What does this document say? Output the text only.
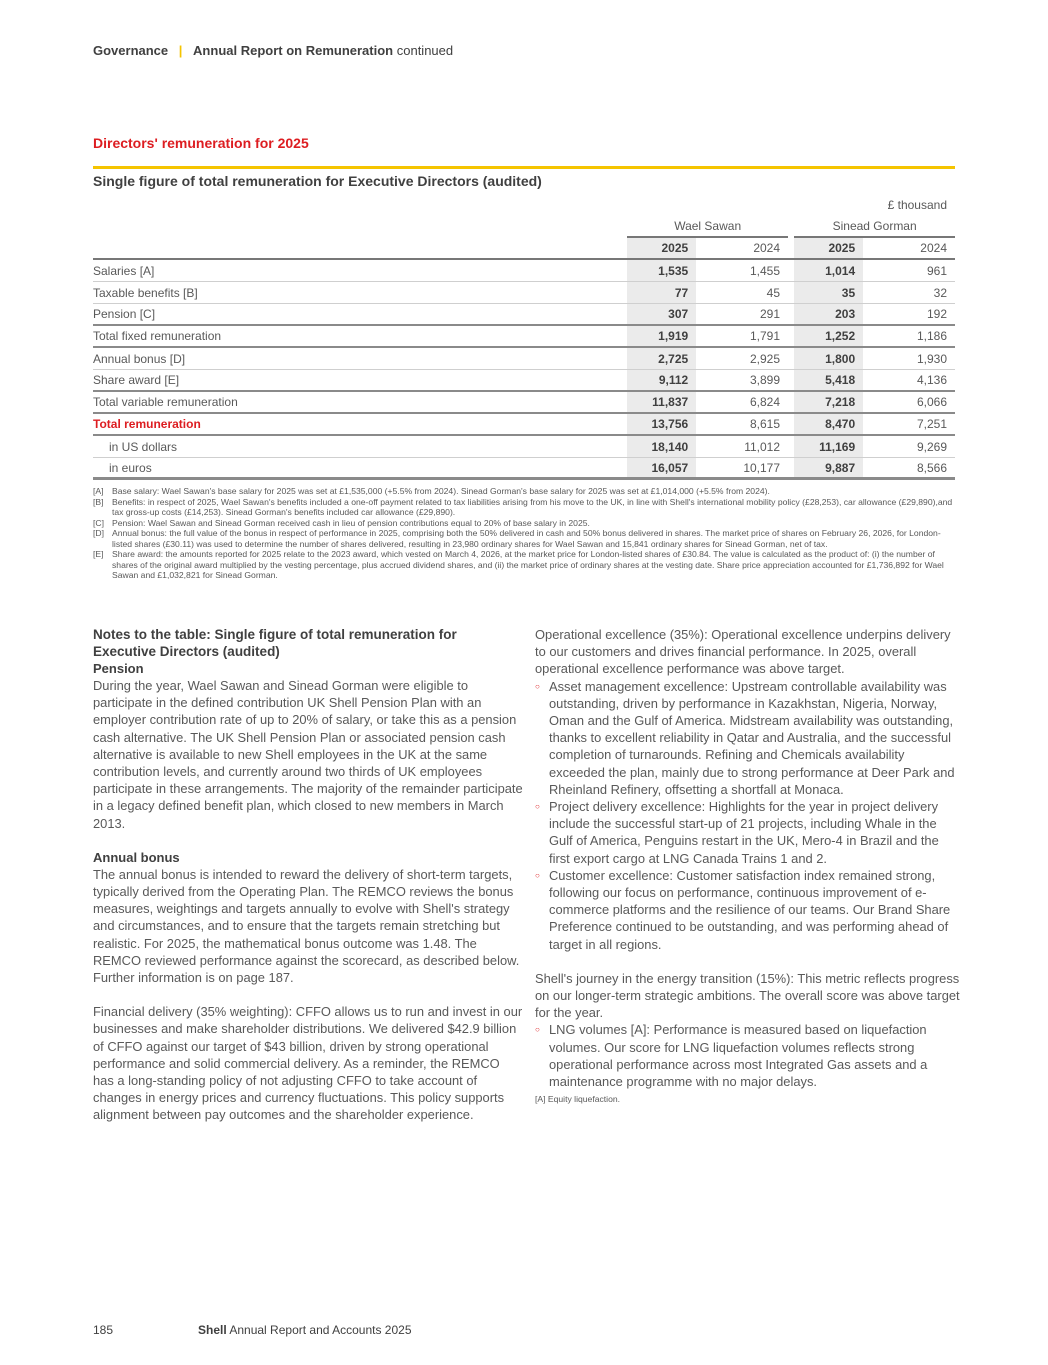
Governance | Annual Report on Remuneration continued
Directors' remuneration for 2025
Single figure of total remuneration for Executive Directors (audited)
£ thousand
	Wael Sawan			Sinead Gorman	
	2025	2024		2025	2024
Salaries [A]	1,535	1,455		1,014	961
Taxable benefits [B]	77	45		35	32
Pension [C]	307	291		203	192
Total fixed remuneration	1,919	1,791		1,252	1,186
Annual bonus [D]	2,725	2,925		1,800	1,930
Share award [E]	9,112	3,899		5,418	4,136
Total variable remuneration	11,837	6,824		7,218	6,066
Total remuneration	13,756	8,615		8,470	7,251
in US dollars	18,140	11,012		11,169	9,269
in euros	16,057	10,177		9,887	8,566
[A] Base salary: Wael Sawan's base salary for 2025 was set at £1,535,000 (+5.5% from 2024). Sinead Gorman's base salary for 2025 was set at £1,014,000 (+5.5% from 2024).
[B] Benefits: in respect of 2025, Wael Sawan's benefits included a one-off payment related to tax liabilities arising from his move to the UK, in line with Shell's international mobility policy (£28,253), car allowance (£29,890),and tax gross-up costs (£14,253). Sinead Gorman's benefits included car allowance (£29,890).
[C] Pension: Wael Sawan and Sinead Gorman received cash in lieu of pension contributions equal to 20% of base salary in 2025.
[D] Annual bonus: the full value of the bonus in respect of performance in 2025, comprising both the 50% delivered in cash and 50% bonus delivered in shares. The market price of shares on February 26, 2026, for London-listed shares (£30.11) was used to determine the number of shares delivered, resulting in 23,980 ordinary shares for Wael Sawan and 15,841 ordinary shares for Sinead Gorman, net of tax.
[E] Share award: the amounts reported for 2025 relate to the 2023 award, which vested on March 4, 2026, at the market price for London-listed shares of £30.84. The value is calculated as the product of: (i) the number of shares of the original award multiplied by the vesting percentage, plus accrued dividend shares, and (ii) the market price of ordinary shares at the vesting date. Share price appreciation accounted for £1,736,892 for Wael Sawan and £1,032,821 for Sinead Gorman.
Notes to the table: Single figure of total remuneration for Executive Directors (audited)
Pension

During the year, Wael Sawan and Sinead Gorman were eligible to participate in the defined contribution UK Shell Pension Plan with an employer contribution rate of up to 20% of salary, or take this as a pension cash alternative. The UK Shell Pension Plan or associated pension cash alternative is available to new Shell employees in the UK at the same contribution levels, and currently around two thirds of UK employees participate in these arrangements. The majority of the remainder participate in a legacy defined benefit plan, which closed to new members in March 2013.

Annual bonus

The annual bonus is intended to reward the delivery of short-term targets, typically derived from the Operating Plan. The REMCO reviews the bonus measures, weightings and targets annually to evolve with Shell's strategy and circumstances, and to ensure that the targets remain stretching but realistic. For 2025, the mathematical bonus outcome was 1.48. The REMCO reviewed performance against the scorecard, as described below. Further information is on page 187.

Financial delivery (35% weighting): CFFO allows us to run and invest in our businesses and make shareholder distributions. We delivered $42.9 billion of CFFO against our target of $43 billion, driven by strong operational performance and solid commercial delivery. As a reminder, the REMCO has a long-standing policy of not adjusting CFFO to take account of changes in energy prices and currency fluctuations. This policy supports alignment between pay outcomes and the shareholder experience.

Operational excellence (35%): Operational excellence underpins delivery to our customers and drives financial performance. In 2025, overall operational excellence performance was above target.

○ Asset management excellence: Upstream controllable availability was outstanding, driven by performance in Kazakhstan, Nigeria, Norway, Oman and the Gulf of America. Midstream availability was outstanding, thanks to excellent reliability in Qatar and Australia, and the successful completion of turnarounds. Refining and Chemicals availability exceeded the plan, mainly due to strong performance at Deer Park and Rheinland Refinery, offsetting a shortfall at Monaca.
○ Project delivery excellence: Highlights for the year in project delivery include the successful start-up of 21 projects, including Whale in the Gulf of America, Penguins restart in the UK, Mero-4 in Brazil and the first export cargo at LNG Canada Trains 1 and 2.
○ Customer excellence: Customer satisfaction index remained strong, following our focus on performance, continuous improvement of e-commerce platforms and the resilience of our teams. Our Brand Share Preference continued to be outstanding, and was performing ahead of target in all regions.

Shell's journey in the energy transition (15%): This metric reflects progress on our longer-term strategic ambitions. The overall score was above target for the year.

○ LNG volumes [A]: Performance is measured based on liquefaction volumes. Our score for LNG liquefaction volumes reflects strong operational performance across most Integrated Gas assets and a maintenance programme with no major delays.
[A] Equity liquefaction.
185	Shell Annual Report and Accounts 2025
